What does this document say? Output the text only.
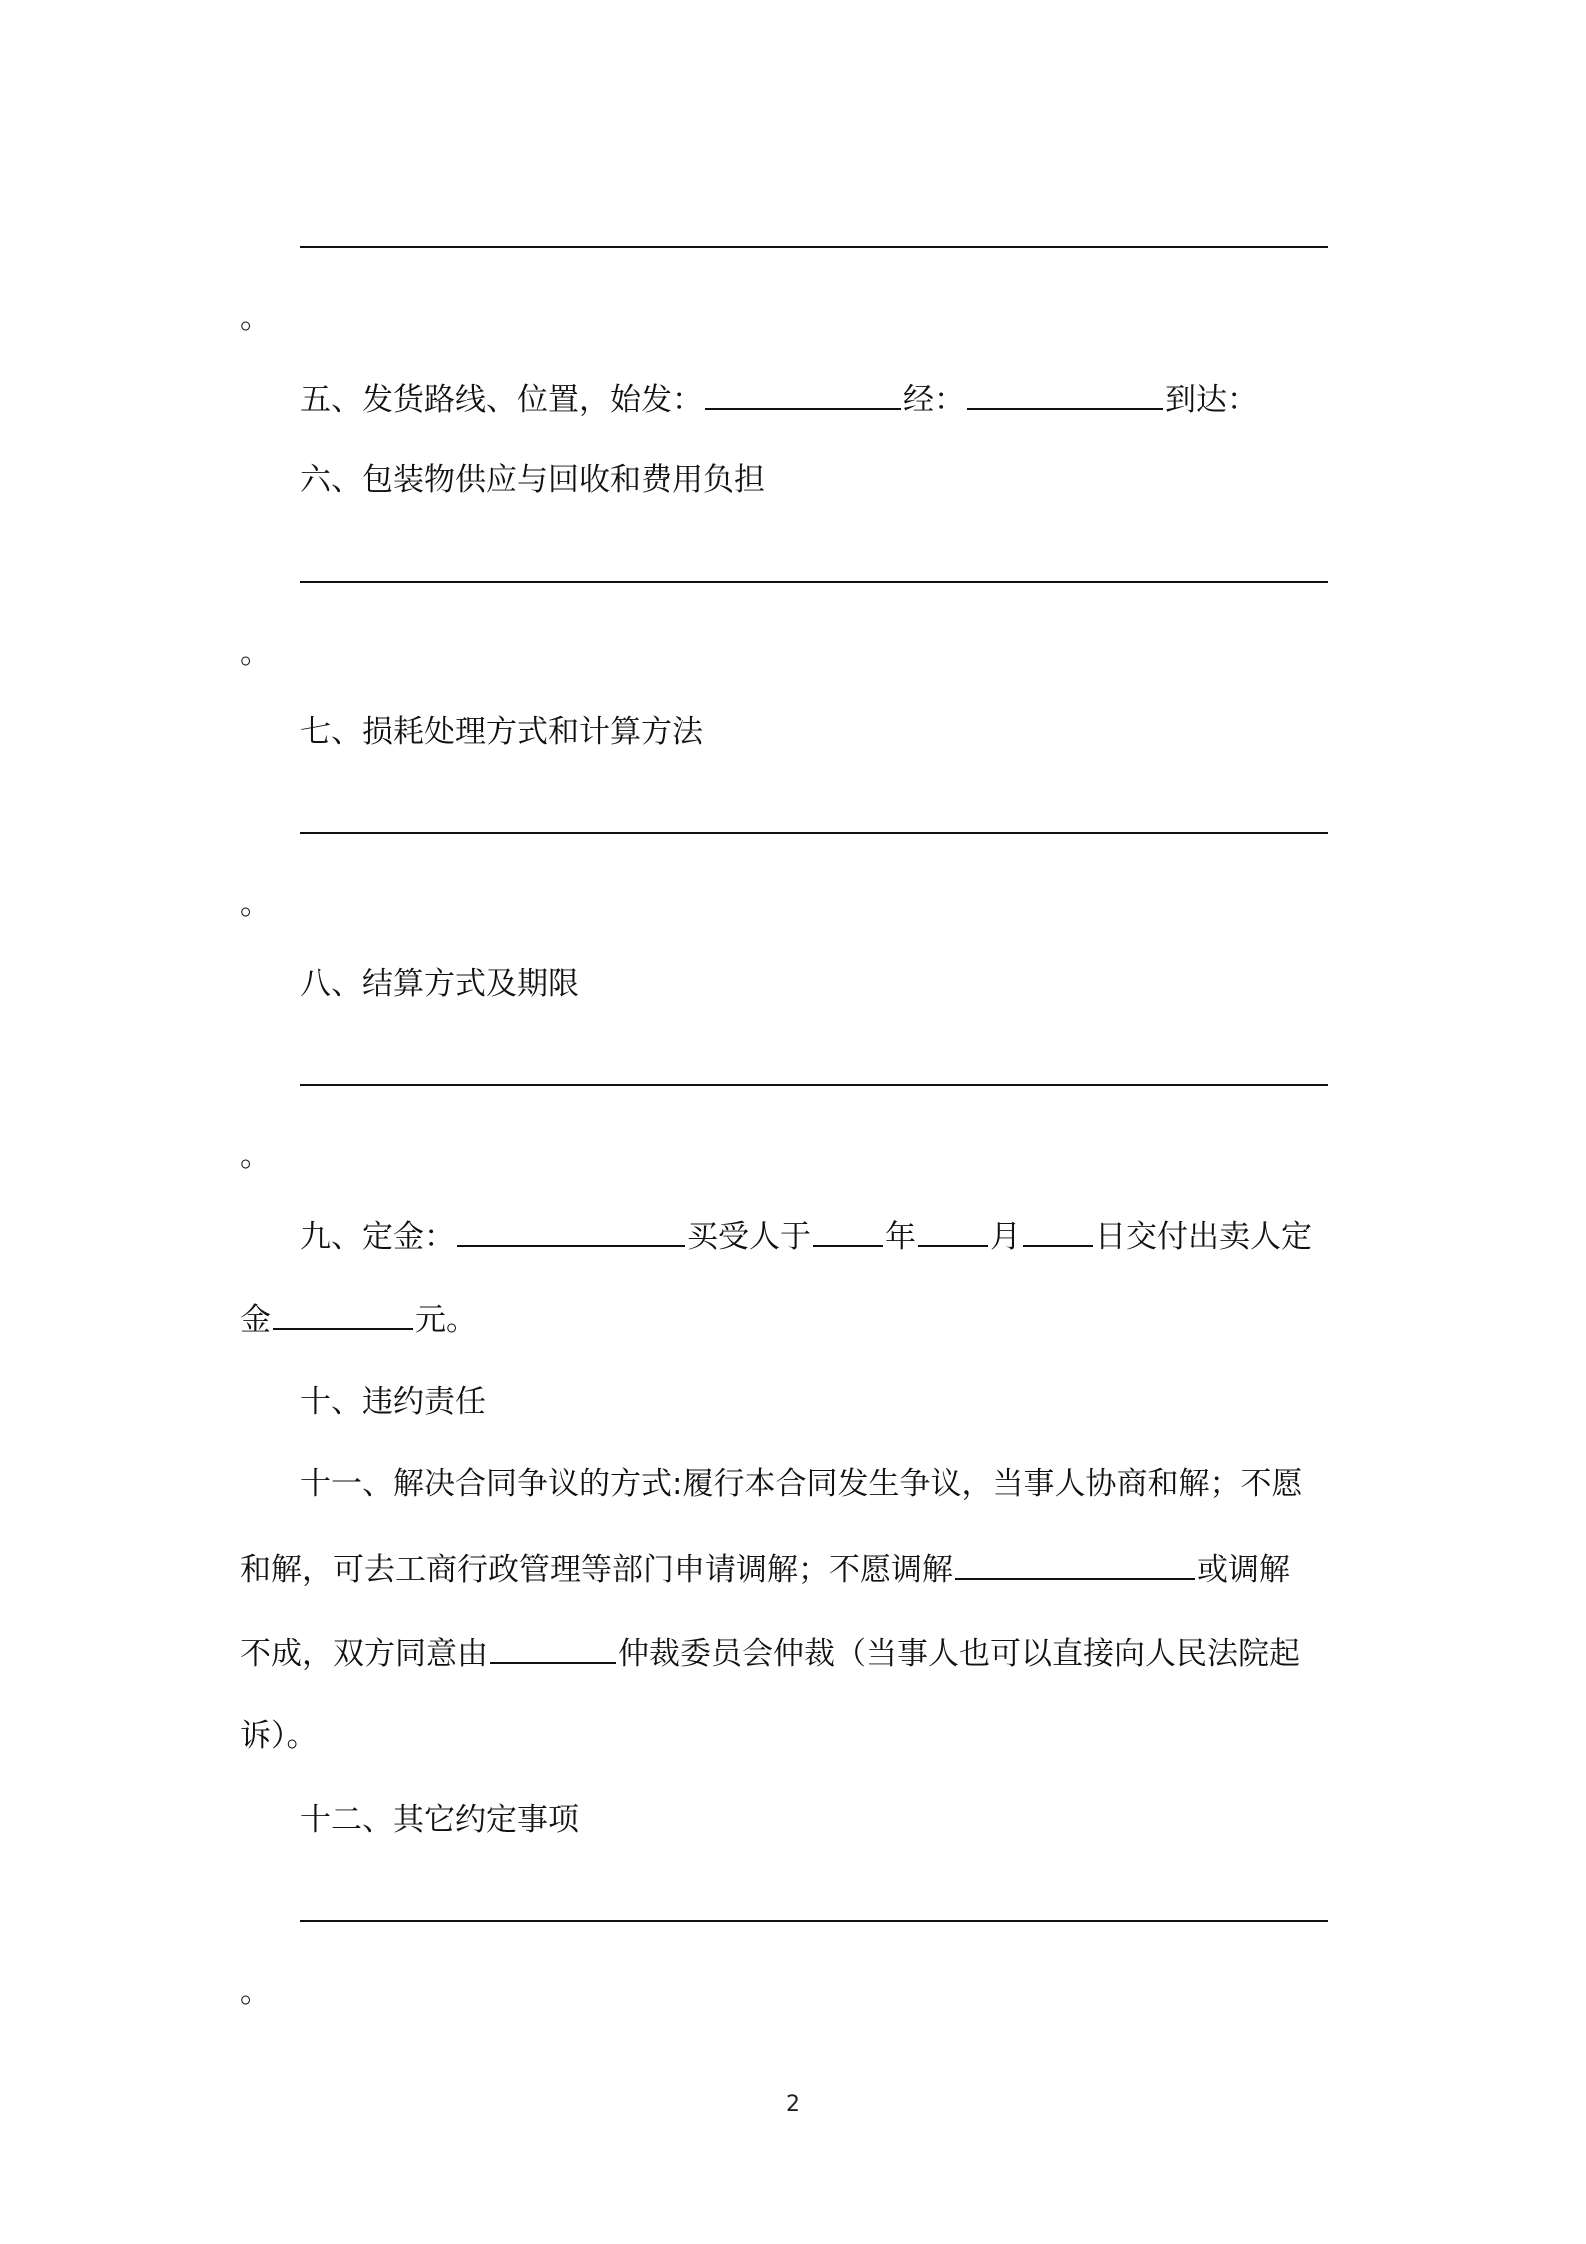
。
五、发货路线、位置，始发：	经：	到达：
六、包装物供应与回收和费用负担
。
七、损耗处理方式和计算方法
。
八、结算方式及期限
。
九、定金：	买受人于 年 月 日交付出卖人定
金	元。
十、违约责任
十一、解决合同争议的方式:履行本合同发生争议，当事人协商和解；不愿
和解，可去工商行政管理等部门申请调解；不愿调解	或调解
不成，双方同意由	仲裁委员会仲裁（当事人也可以直接向人民法院起
诉）。
十二、其它约定事项
。
2
